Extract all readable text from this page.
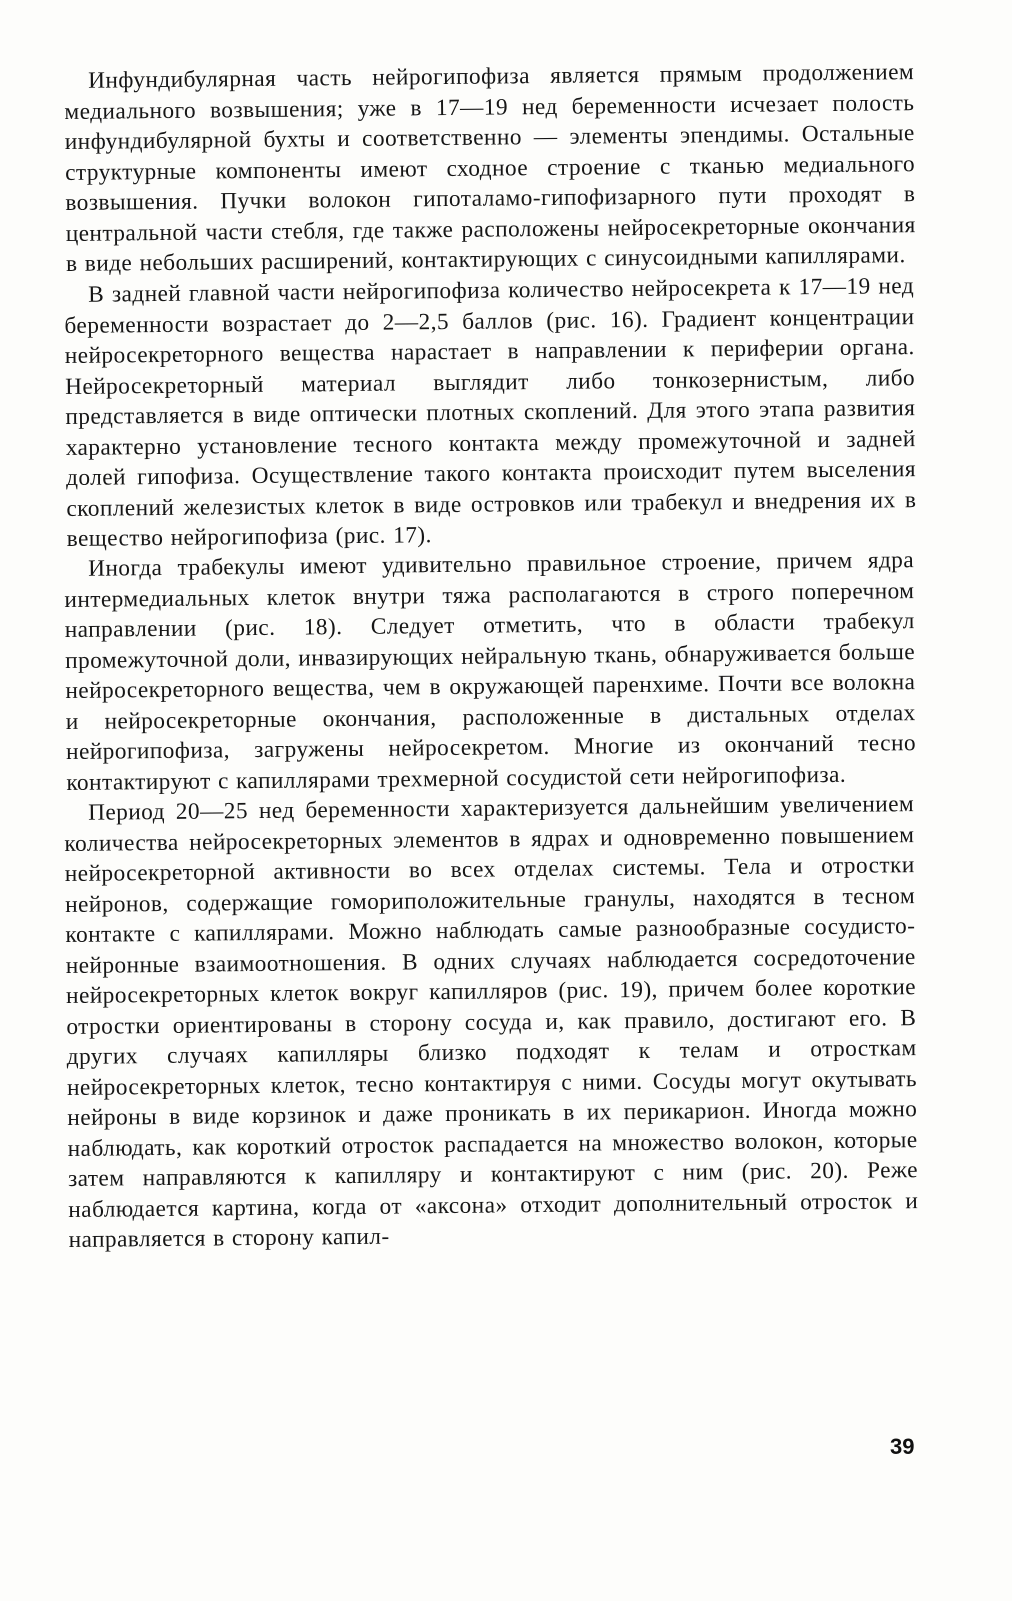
Инфундибулярная часть нейрогипофиза является прямым продолжением медиального возвышения; уже в 17—19 нед беременности исчезает полость инфундибулярной бухты и соответственно — элементы эпендимы. Остальные структурные компоненты имеют сходное строение с тканью медиального возвышения. Пучки волокон гипоталамо-гипофизарного пути проходят в центральной части стебля, где также расположены нейросекреторные окончания в виде небольших расширений, контактирующих с синусоидными капиллярами.

В задней главной части нейрогипофиза количество нейросекрета к 17—19 нед беременности возрастает до 2—2,5 баллов (рис. 16). Градиент концентрации нейросекреторного вещества нарастает в направлении к периферии органа. Нейросекреторный материал выглядит либо тонкозернистым, либо представляется в виде оптически плотных скоплений. Для этого этапа развития характерно установление тесного контакта между промежуточной и задней долей гипофиза. Осуществление такого контакта происходит путем выселения скоплений железистых клеток в виде островков или трабекул и внедрения их в вещество нейрогипофиза (рис. 17).

Иногда трабекулы имеют удивительно правильное строение, причем ядра интермедиальных клеток внутри тяжа располагаются в строго поперечном направлении (рис. 18). Следует отметить, что в области трабекул промежуточной доли, инвазирующих нейральную ткань, обнаруживается больше нейросекреторного вещества, чем в окружающей паренхиме. Почти все волокна и нейросекреторные окончания, расположенные в дистальных отделах нейрогипофиза, загружены нейросекретом. Многие из окончаний тесно контактируют с капиллярами трехмерной сосудистой сети нейрогипофиза.

Период 20—25 нед беременности характеризуется дальнейшим увеличением количества нейросекреторных элементов в ядрах и одновременно повышением нейросекреторной активности во всех отделах системы. Тела и отростки нейронов, содержащие гомориположительные гранулы, находятся в тесном контакте с капиллярами. Можно наблюдать самые разнообразные сосудисто-нейронные взаимоотношения. В одних случаях наблюдается сосредоточение нейросекреторных клеток вокруг капилляров (рис. 19), причем более короткие отростки ориентированы в сторону сосуда и, как правило, достигают его. В других случаях капилляры близко подходят к телам и отросткам нейросекреторных клеток, тесно контактируя с ними. Сосуды могут окутывать нейроны в виде корзинок и даже проникать в их перикарион. Иногда можно наблюдать, как короткий отросток распадается на множество волокон, которые затем направляются к капилляру и контактируют с ним (рис. 20). Реже наблюдается картина, когда от «аксона» отходит дополнительный отросток и направляется в сторону капил-

39
